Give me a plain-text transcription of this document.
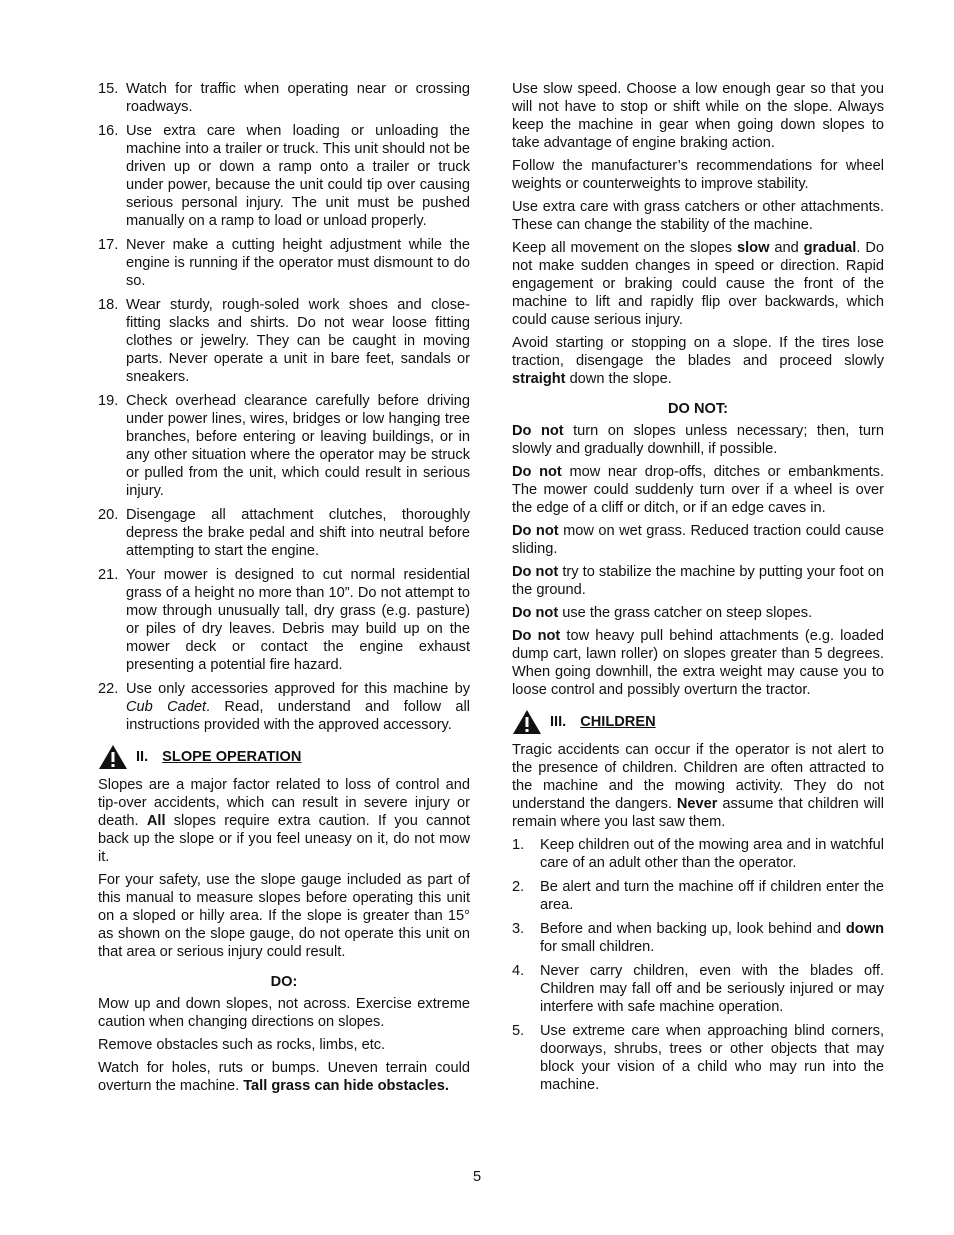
15. Watch for traffic when operating near or crossing roadways.
16. Use extra care when loading or unloading the machine into a trailer or truck. This unit should not be driven up or down a ramp onto a trailer or truck under power, because the unit could tip over causing serious personal injury. The unit must be pushed manually on a ramp to load or unload properly.
17. Never make a cutting height adjustment while the engine is running if the operator must dismount to do so.
18. Wear sturdy, rough-soled work shoes and close-fitting slacks and shirts. Do not wear loose fitting clothes or jewelry. They can be caught in moving parts. Never operate a unit in bare feet, sandals or sneakers.
19. Check overhead clearance carefully before driving under power lines, wires, bridges or low hanging tree branches, before entering or leaving buildings, or in any other situation where the operator may be struck or pulled from the unit, which could result in serious injury.
20. Disengage all attachment clutches, thoroughly depress the brake pedal and shift into neutral before attempting to start the engine.
21. Your mower is designed to cut normal residential grass of a height no more than 10”. Do not attempt to mow through unusually tall, dry grass (e.g. pasture) or piles of dry leaves. Debris may build up on the mower deck or contact the engine exhaust presenting a potential fire hazard.
22. Use only accessories approved for this machine by Cub Cadet. Read, understand and follow all instructions provided with the approved accessory.
II. SLOPE OPERATION

Slopes are a major factor related to loss of control and tip-over accidents, which can result in severe injury or death. All slopes require extra caution. If you cannot back up the slope or if you feel uneasy on it, do not mow it.

For your safety, use the slope gauge included as part of this manual to measure slopes before operating this unit on a sloped or hilly area. If the slope is greater than 15° as shown on the slope gauge, do not operate this unit on that area or serious injury could result.

DO:

Mow up and down slopes, not across. Exercise extreme caution when changing directions on slopes.

Remove obstacles such as rocks, limbs, etc.

Watch for holes, ruts or bumps. Uneven terrain could overturn the machine. Tall grass can hide obstacles.

Use slow speed. Choose a low enough gear so that you will not have to stop or shift while on the slope. Always keep the machine in gear when going down slopes to take advantage of engine braking action.

Follow the manufacturer’s recommendations for wheel weights or counterweights to improve stability.

Use extra care with grass catchers or other attachments. These can change the stability of the machine.

Keep all movement on the slopes slow and gradual. Do not make sudden changes in speed or direction. Rapid engagement or braking could cause the front of the machine to lift and rapidly flip over backwards, which could cause serious injury.

Avoid starting or stopping on a slope. If the tires lose traction, disengage the blades and proceed slowly straight down the slope.

DO NOT:

Do not turn on slopes unless necessary; then, turn slowly and gradually downhill, if possible.

Do not mow near drop-offs, ditches or embankments. The mower could suddenly turn over if a wheel is over the edge of a cliff or ditch, or if an edge caves in.

Do not mow on wet grass. Reduced traction could cause sliding.

Do not try to stabilize the machine by putting your foot on the ground.

Do not use the grass catcher on steep slopes.

Do not tow heavy pull behind attachments (e.g. loaded dump cart, lawn roller) on slopes greater than 5 degrees. When going downhill, the extra weight may cause you to loose control and possibly overturn the tractor.

III. CHILDREN

Tragic accidents can occur if the operator is not alert to the presence of children. Children are often attracted to the machine and the mowing activity. They do not understand the dangers. Never assume that children will remain where you last saw them.

1.	Keep children out of the mowing area and in watchful care of an adult other than the operator.
2.	Be alert and turn the machine off if children enter the area.
3.	Before and when backing up, look behind and down for small children.
4.	Never carry children, even with the blades off. Children may fall off and be seriously injured or may interfere with safe machine operation.
5.	Use extreme care when approaching blind corners, doorways, shrubs, trees or other objects that may block your vision of a child who may run into the machine.
5
